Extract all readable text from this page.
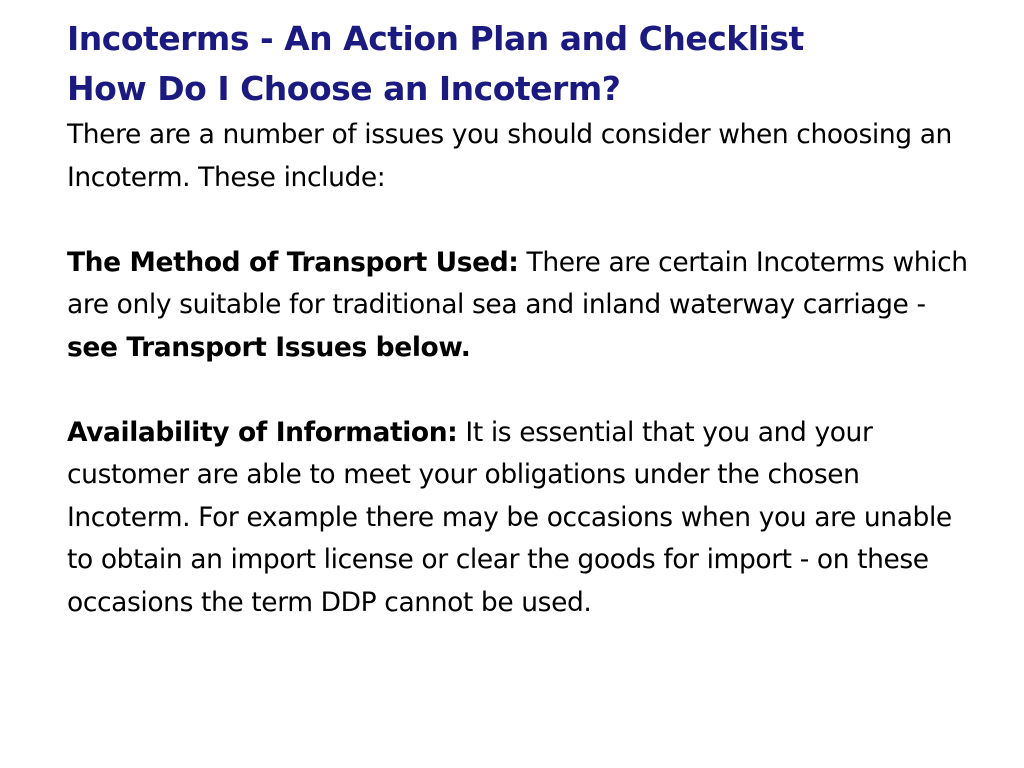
Incoterms - An Action Plan and Checklist
How Do I Choose an Incoterm?

There are a number of issues you should consider when choosing an Incoterm. These include:

The Method of Transport Used: There are certain Incoterms which are only suitable for traditional sea and inland waterway carriage - see Transport Issues below.

Availability of Information: It is essential that you and your customer are able to meet your obligations under the chosen Incoterm. For example there may be occasions when you are unable to obtain an import license or clear the goods for import - on these occasions the term DDP cannot be used.
